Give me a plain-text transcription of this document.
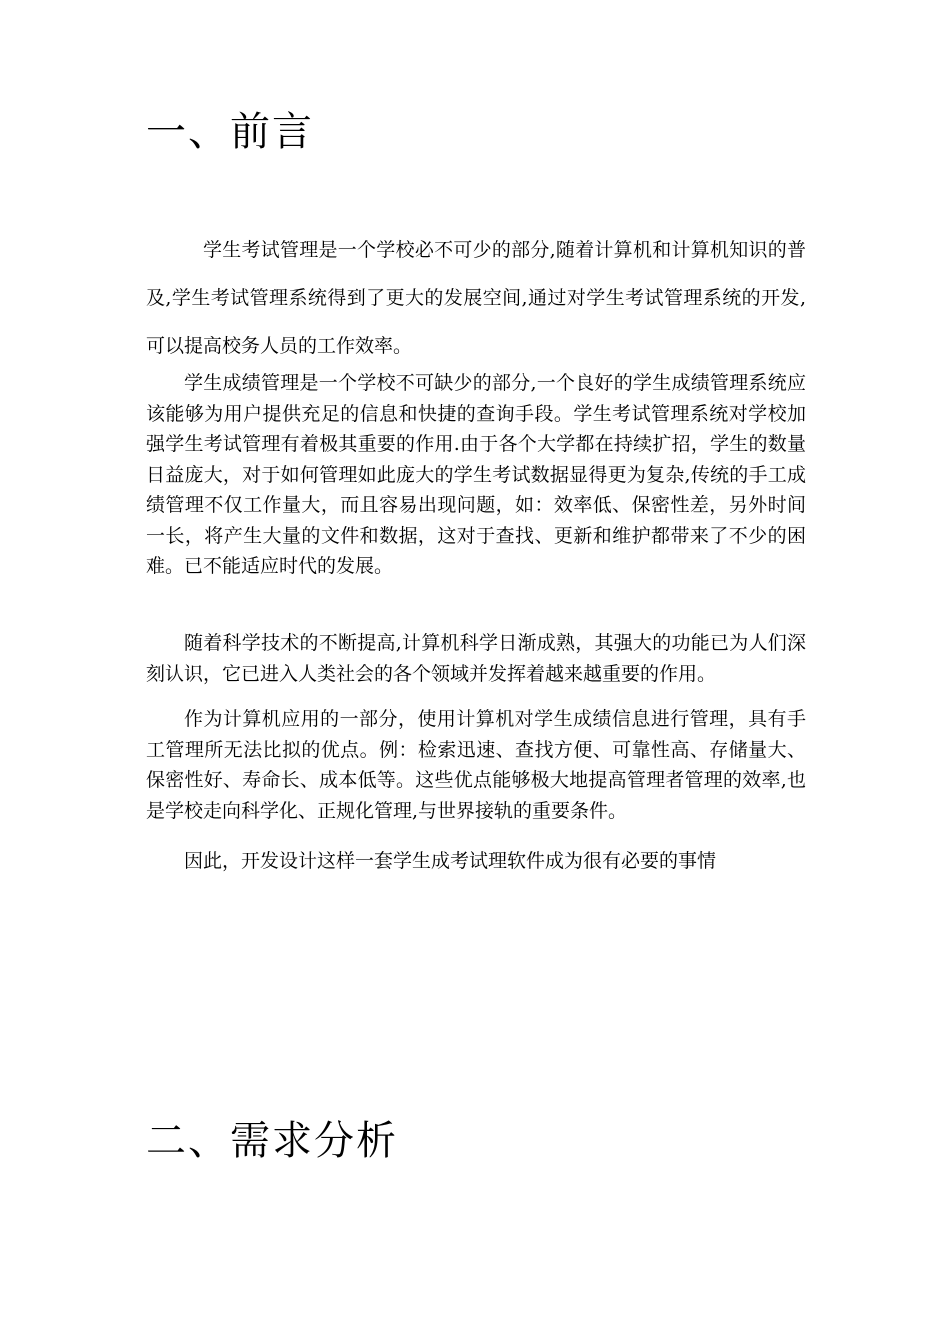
一、前言

学生考试管理是一个学校必不可少的部分,随着计算机和计算机知识的普及,学生考试管理系统得到了更大的发展空间,通过对学生考试管理系统的开发,可以提高校务人员的工作效率。

学生成绩管理是一个学校不可缺少的部分,一个良好的学生成绩管理系统应该能够为用户提供充足的信息和快捷的查询手段。学生考试管理系统对学校加强学生考试管理有着极其重要的作用.由于各个大学都在持续扩招，学生的数量日益庞大，对于如何管理如此庞大的学生考试数据显得更为复杂,传统的手工成绩管理不仅工作量大，而且容易出现问题，如：效率低、保密性差，另外时间一长，将产生大量的文件和数据，这对于查找、更新和维护都带来了不少的困难。已不能适应时代的发展。

随着科学技术的不断提高,计算机科学日渐成熟，其强大的功能已为人们深刻认识，它已进入人类社会的各个领域并发挥着越来越重要的作用。

作为计算机应用的一部分，使用计算机对学生成绩信息进行管理，具有手工管理所无法比拟的优点。例：检索迅速、查找方便、可靠性高、存储量大、保密性好、寿命长、成本低等。这些优点能够极大地提高管理者管理的效率,也是学校走向科学化、正规化管理,与世界接轨的重要条件。

因此，开发设计这样一套学生成考试理软件成为很有必要的事情

二、需求分析
